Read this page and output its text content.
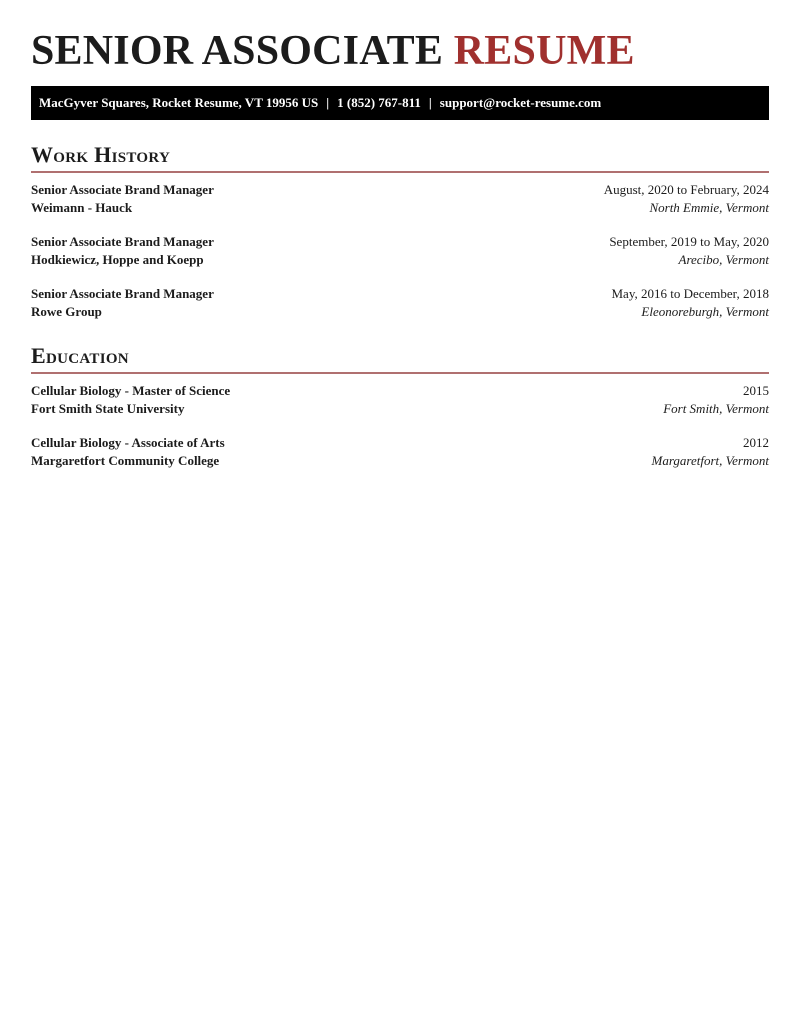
SENIOR ASSOCIATE RESUME
MacGyver Squares, Rocket Resume, VT 19956 US | 1 (852) 767-811 | support@rocket-resume.com
Work History
Senior Associate Brand Manager	August, 2020 to February, 2024
Weimann - Hauck	North Emmie, Vermont
Senior Associate Brand Manager	September, 2019 to May, 2020
Hodkiewicz, Hoppe and Koepp	Arecibo, Vermont
Senior Associate Brand Manager	May, 2016 to December, 2018
Rowe Group	Eleonoreburgh, Vermont
Education
Cellular Biology - Master of Science	2015
Fort Smith State University	Fort Smith, Vermont
Cellular Biology - Associate of Arts	2012
Margaretfort Community College	Margaretfort, Vermont
